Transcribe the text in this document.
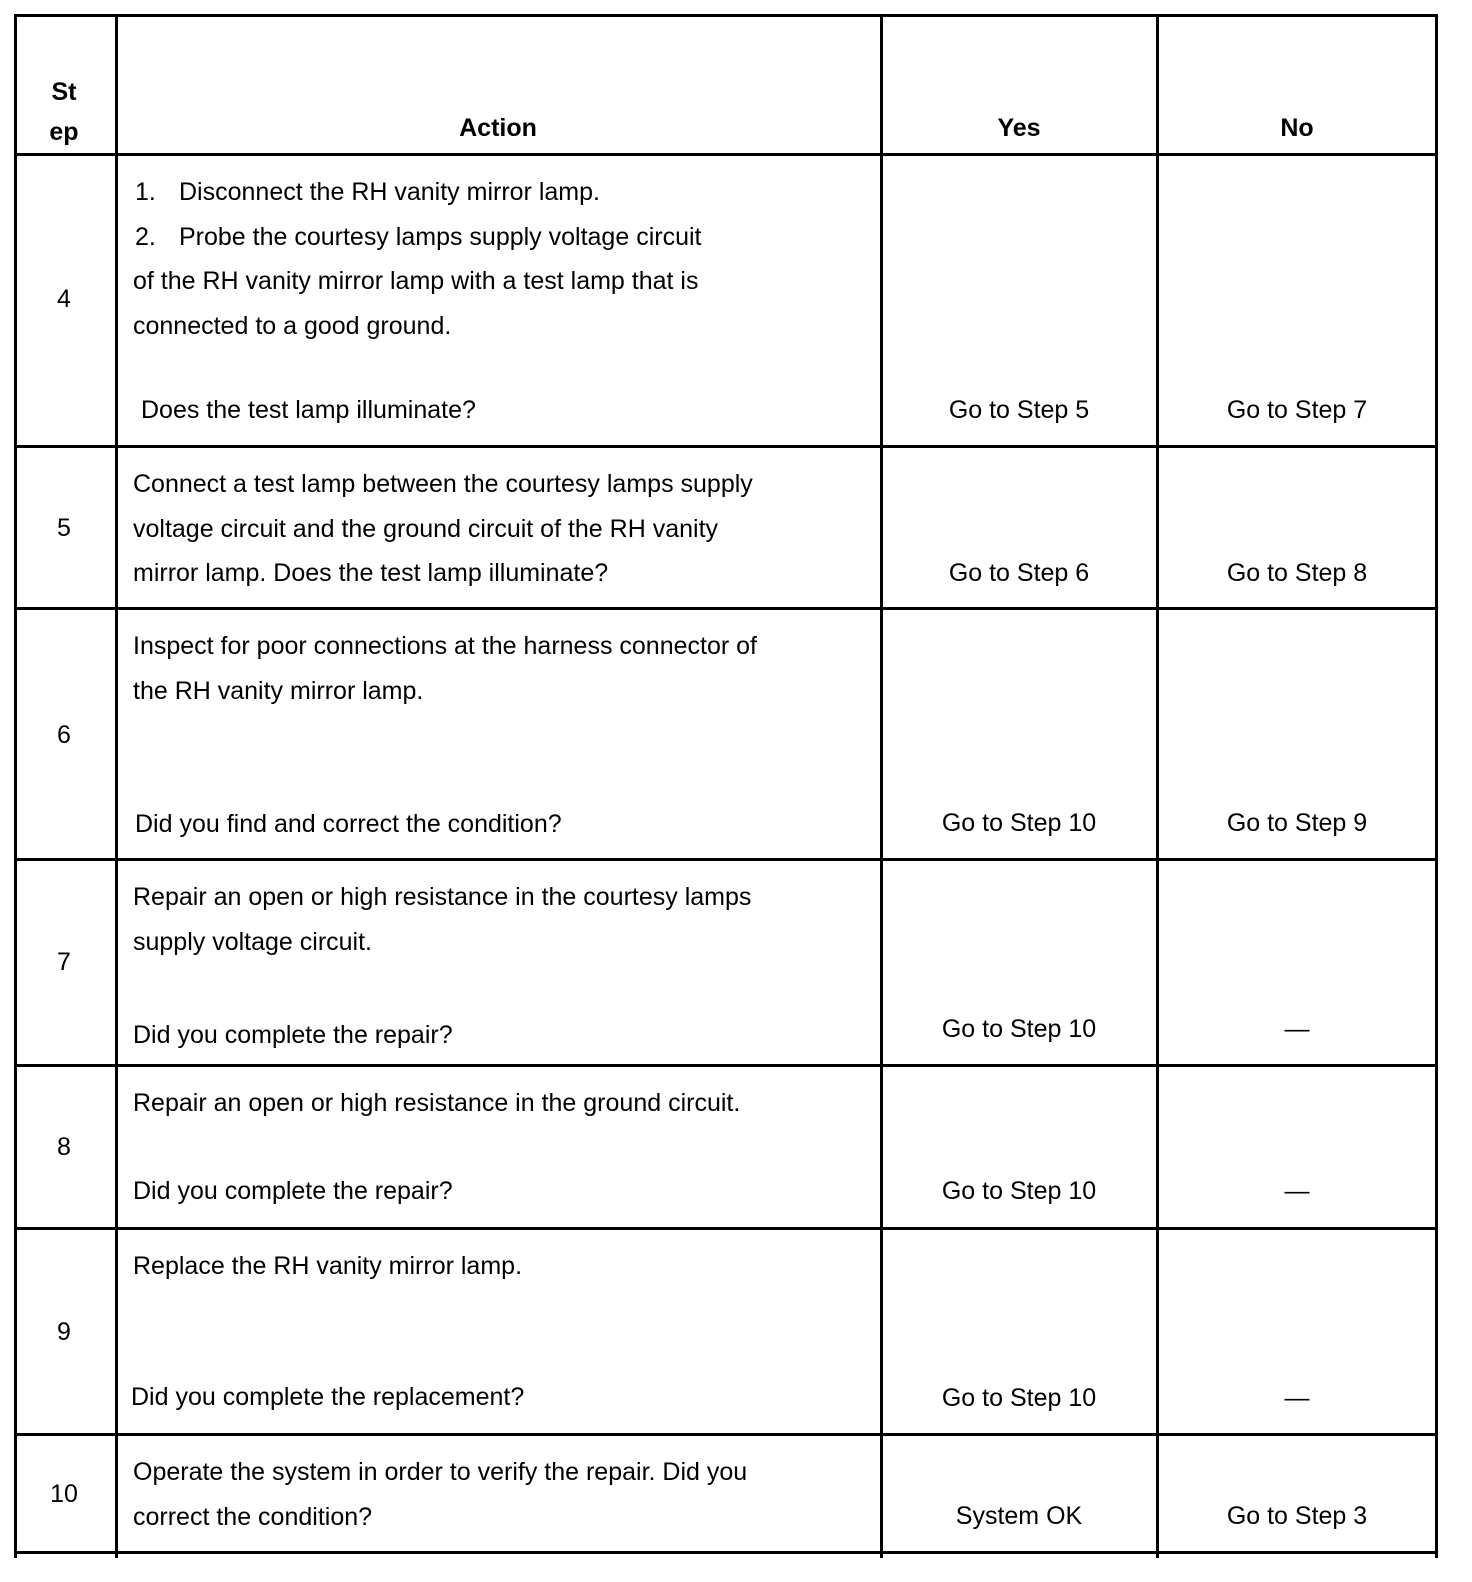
St
ep	Action	Yes	No
4

1. Disconnect the RH vanity mirror lamp.

2. Probe the courtesy lamps supply voltage circuit

of the RH vanity mirror lamp with a test lamp that is

connected to a good ground.

Does the test lamp illuminate?	Go to Step 5	Go to Step 7
5

Connect a test lamp between the courtesy lamps supply

voltage circuit and the ground circuit of the RH vanity

mirror lamp. Does the test lamp illuminate?	Go to Step 6	Go to Step 8
6

Inspect for poor connections at the harness connector of

the RH vanity mirror lamp.

Did you find and correct the condition?	Go to Step 10	Go to Step 9
7

Repair an open or high resistance in the courtesy lamps

supply voltage circuit.

Did you complete the repair?	Go to Step 10	—
8

Repair an open or high resistance in the ground circuit.

Did you complete the repair?	Go to Step 10	—
9

Replace the RH vanity mirror lamp.

Did you complete the replacement?	Go to Step 10	—
10

Operate the system in order to verify the repair. Did you

correct the condition?	System OK	Go to Step 3
